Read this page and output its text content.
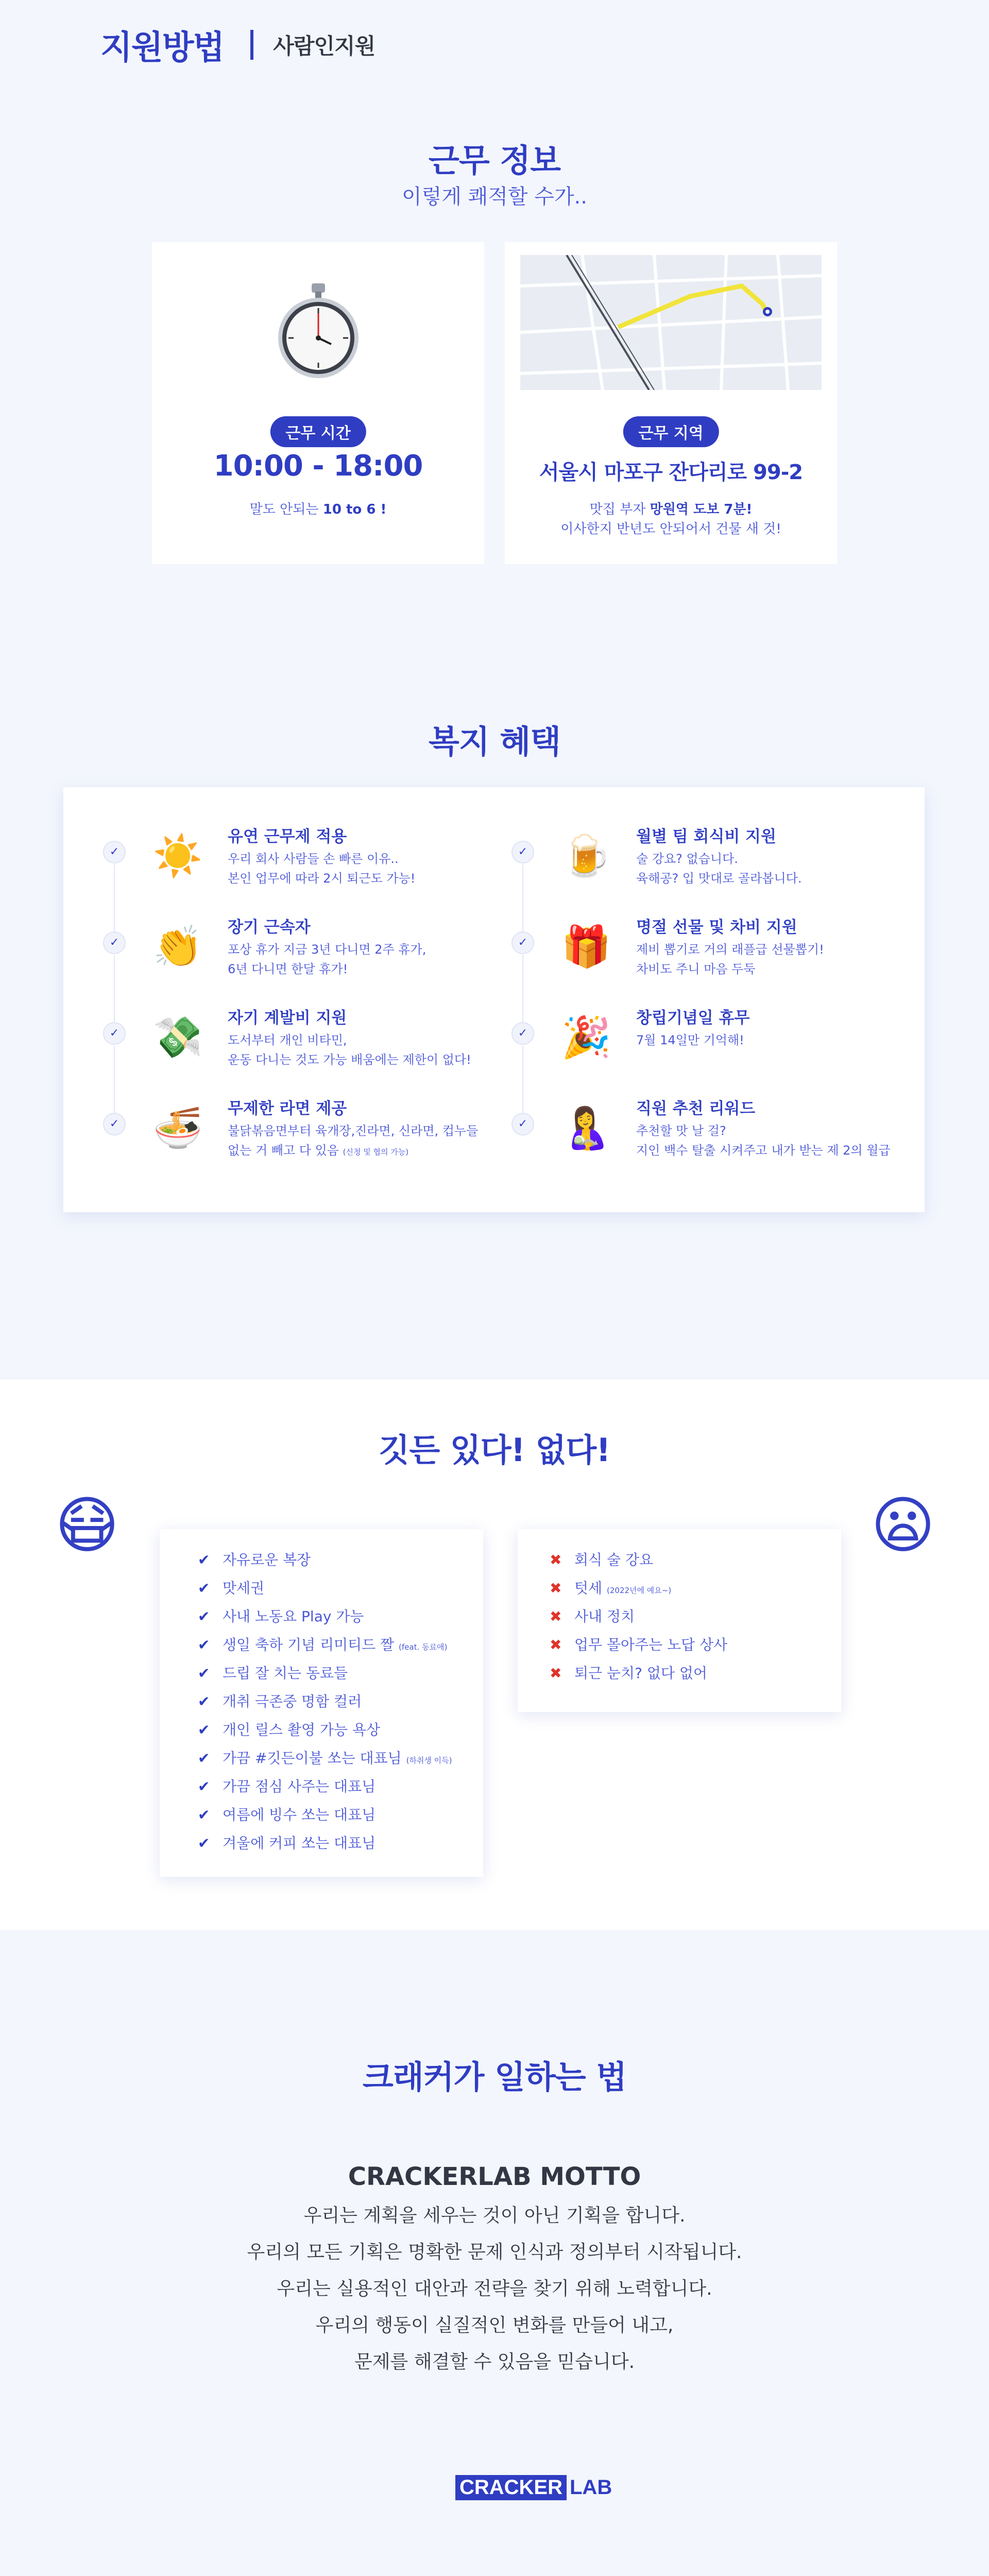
지원방법 사람인지원
근무 정보
이렇게 쾌적할 수가..
근무 시간
10:00 - 18:00
말도 안되는 10 to 6 !
근무 지역
서울시 마포구 잔다리로 99-2
맛집 부자 망원역 도보 7분!
이사한지 반년도 안되어서 건물 새 것!
복지 혜택
✓ ☀️ 유연 근무제 적용
우리 회사 사람들 손 빠른 이유..
본인 업무에 따라 2시 퇴근도 가능!
✓ 👏 장기 근속자
포상 휴가 지금 3년 다니면 2주 휴가,
6년 다니면 한달 휴가!
✓ 💸 자기 계발비 지원
도서부터 개인 비타민,
운동 다니는 것도 가능 배움에는 제한이 없다!
✓ 🍜 무제한 라면 제공
불닭볶음면부터 육개장,진라면, 신라면, 컵누들
없는 거 빼고 다 있음 (신청 및 협의 가능)
✓ 🍺 월별 팀 회식비 지원
술 강요? 없습니다.
육해공? 입 맛대로 골라봅니다.
✓ 🎁 명절 선물 및 차비 지원
제비 뽑기로 거의 래플급 선물뽑기!
차비도 주니 마음 두둑
✓ 🎉 창립기념일 휴무
7월 14일만 기억해!
✓ 🤱 직원 추천 리워드
추천할 맛 날 걸?
지인 백수 탈출 시켜주고 내가 받는 제 2의 월급
깃든 있다! 없다!
😷	😦
✔ 자유로운 복장
✔ 맛세권
✔ 사내 노동요 Play 가능
✔ 생일 축하 기념 리미티드 짤 (feat. 동료애)
✔ 드립 잘 치는 동료들
✔ 개취 극존중 명함 컬러
✔ 개인 릴스 촬영 가능 욕상
✔ 가끔 #깃든이불 쏘는 대표님 (하취생 이득)
✔ 가끔 점심 사주는 대표님
✔ 여름에 빙수 쏘는 대표님
✔ 겨울에 커피 쏘는 대표님
✖ 회식 술 강요
✖ 텃세 (2022년에 예요~)
✖ 사내 정치
✖ 업무 몰아주는 노답 상사
✖ 퇴근 눈치? 없다 없어
크래커가 일하는 법
CRACKERLAB MOTTO
우리는 계획을 세우는 것이 아닌 기획을 합니다.
우리의 모든 기획은 명확한 문제 인식과 정의부터 시작됩니다.
우리는 실용적인 대안과 전략을 찾기 위해 노력합니다.
우리의 행동이 실질적인 변화를 만들어 내고,
문제를 해결할 수 있음을 믿습니다.
CRACKER LAB
